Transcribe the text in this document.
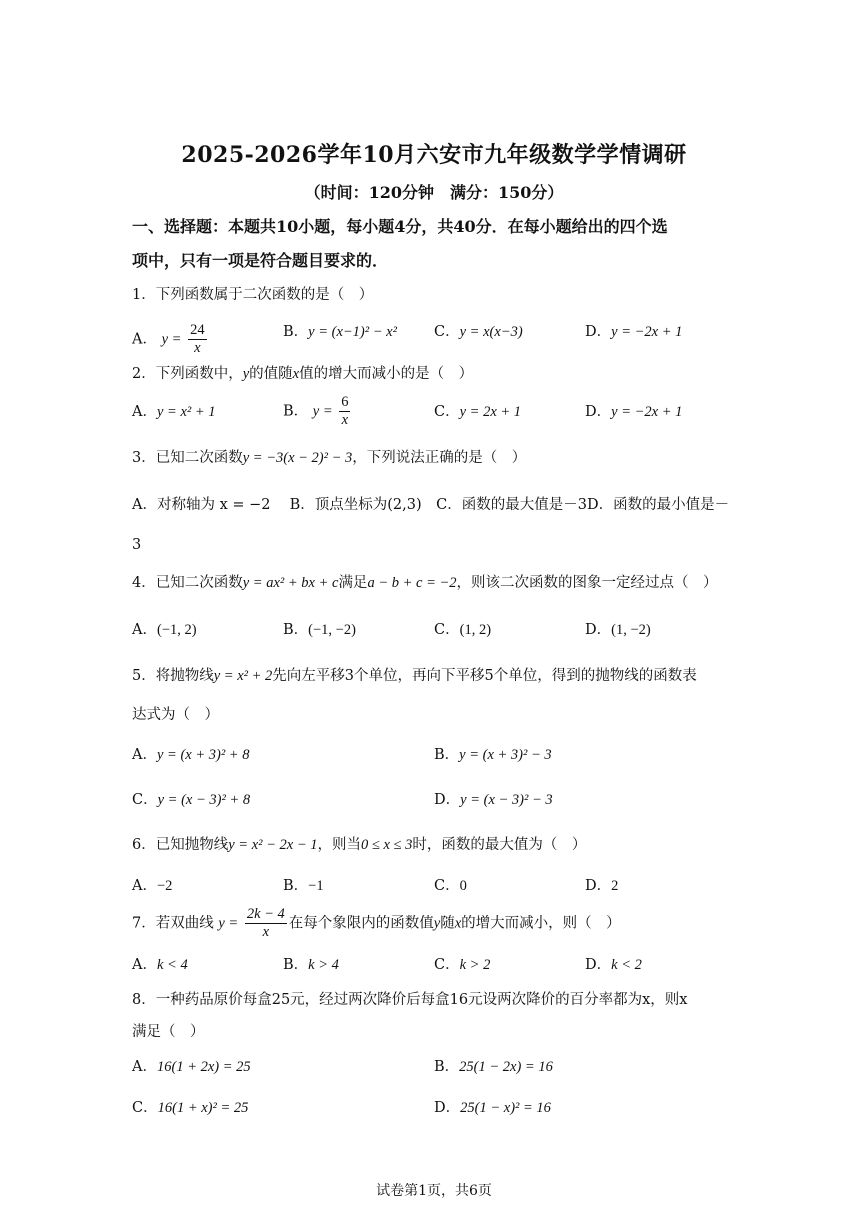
2025-2026学年10月六安市九年级数学学情调研
（时间：120分钟　满分：150分）
一、选择题：本题共10小题，每小题4分，共40分．在每小题给出的四个选
项中，只有一项是符合题目要求的．
1．下列函数属于二次函数的是（　）
A． $y = \frac{24}{x}$	B．y = (x−1)² − x²	C．y = x(x−3)	D．y = −2x + 1
2．下列函数中，y的值随x值的增大而减小的是（　）
A．y = x² + 1	B． $y = \frac{6}{x}$	C．y = 2x + 1	D．y = −2x + 1
3．已知二次函数y = −3(x − 2)² − 3，下列说法正确的是（　）
A．对称轴为 x = −2　 B．顶点坐标为(2,3)　C．函数的最大值是－3D．函数的最小值是－
3
4．已知二次函数y = ax² + bx + c满足a − b + c = −2，则该二次函数的图象一定经过点（　）
A．(−1, 2)	B．(−1, −2)	C．(1, 2)	D．(1, −2)
5．将抛物线y = x² + 2先向左平移3个单位，再向下平移5个单位，得到的抛物线的函数表
达式为（　）
A．y = (x + 3)² + 8	B．y = (x + 3)² − 3
C．y = (x − 3)² + 8	D．y = (x − 3)² − 3
6．已知抛物线y = x² − 2x − 1，则当0 ≤ x ≤ 3时，函数的最大值为（　）
A．−2	B．−1	C．0	D．2
7．若双曲线 $y = \frac{2k - 4}{x}$ 在每个象限内的函数值y随x的增大而减小，则（　）
A．k < 4	B．k > 4	C．k > 2	D．k < 2
8．一种药品原价每盒25元，经过两次降价后每盒16元设两次降价的百分率都为x，则x
满足（　）
A．16(1 + 2x) = 25	B．25(1 − 2x) = 16
C．16(1 + x)² = 25	D．25(1 − x)² = 16
试卷第1页，共6页
